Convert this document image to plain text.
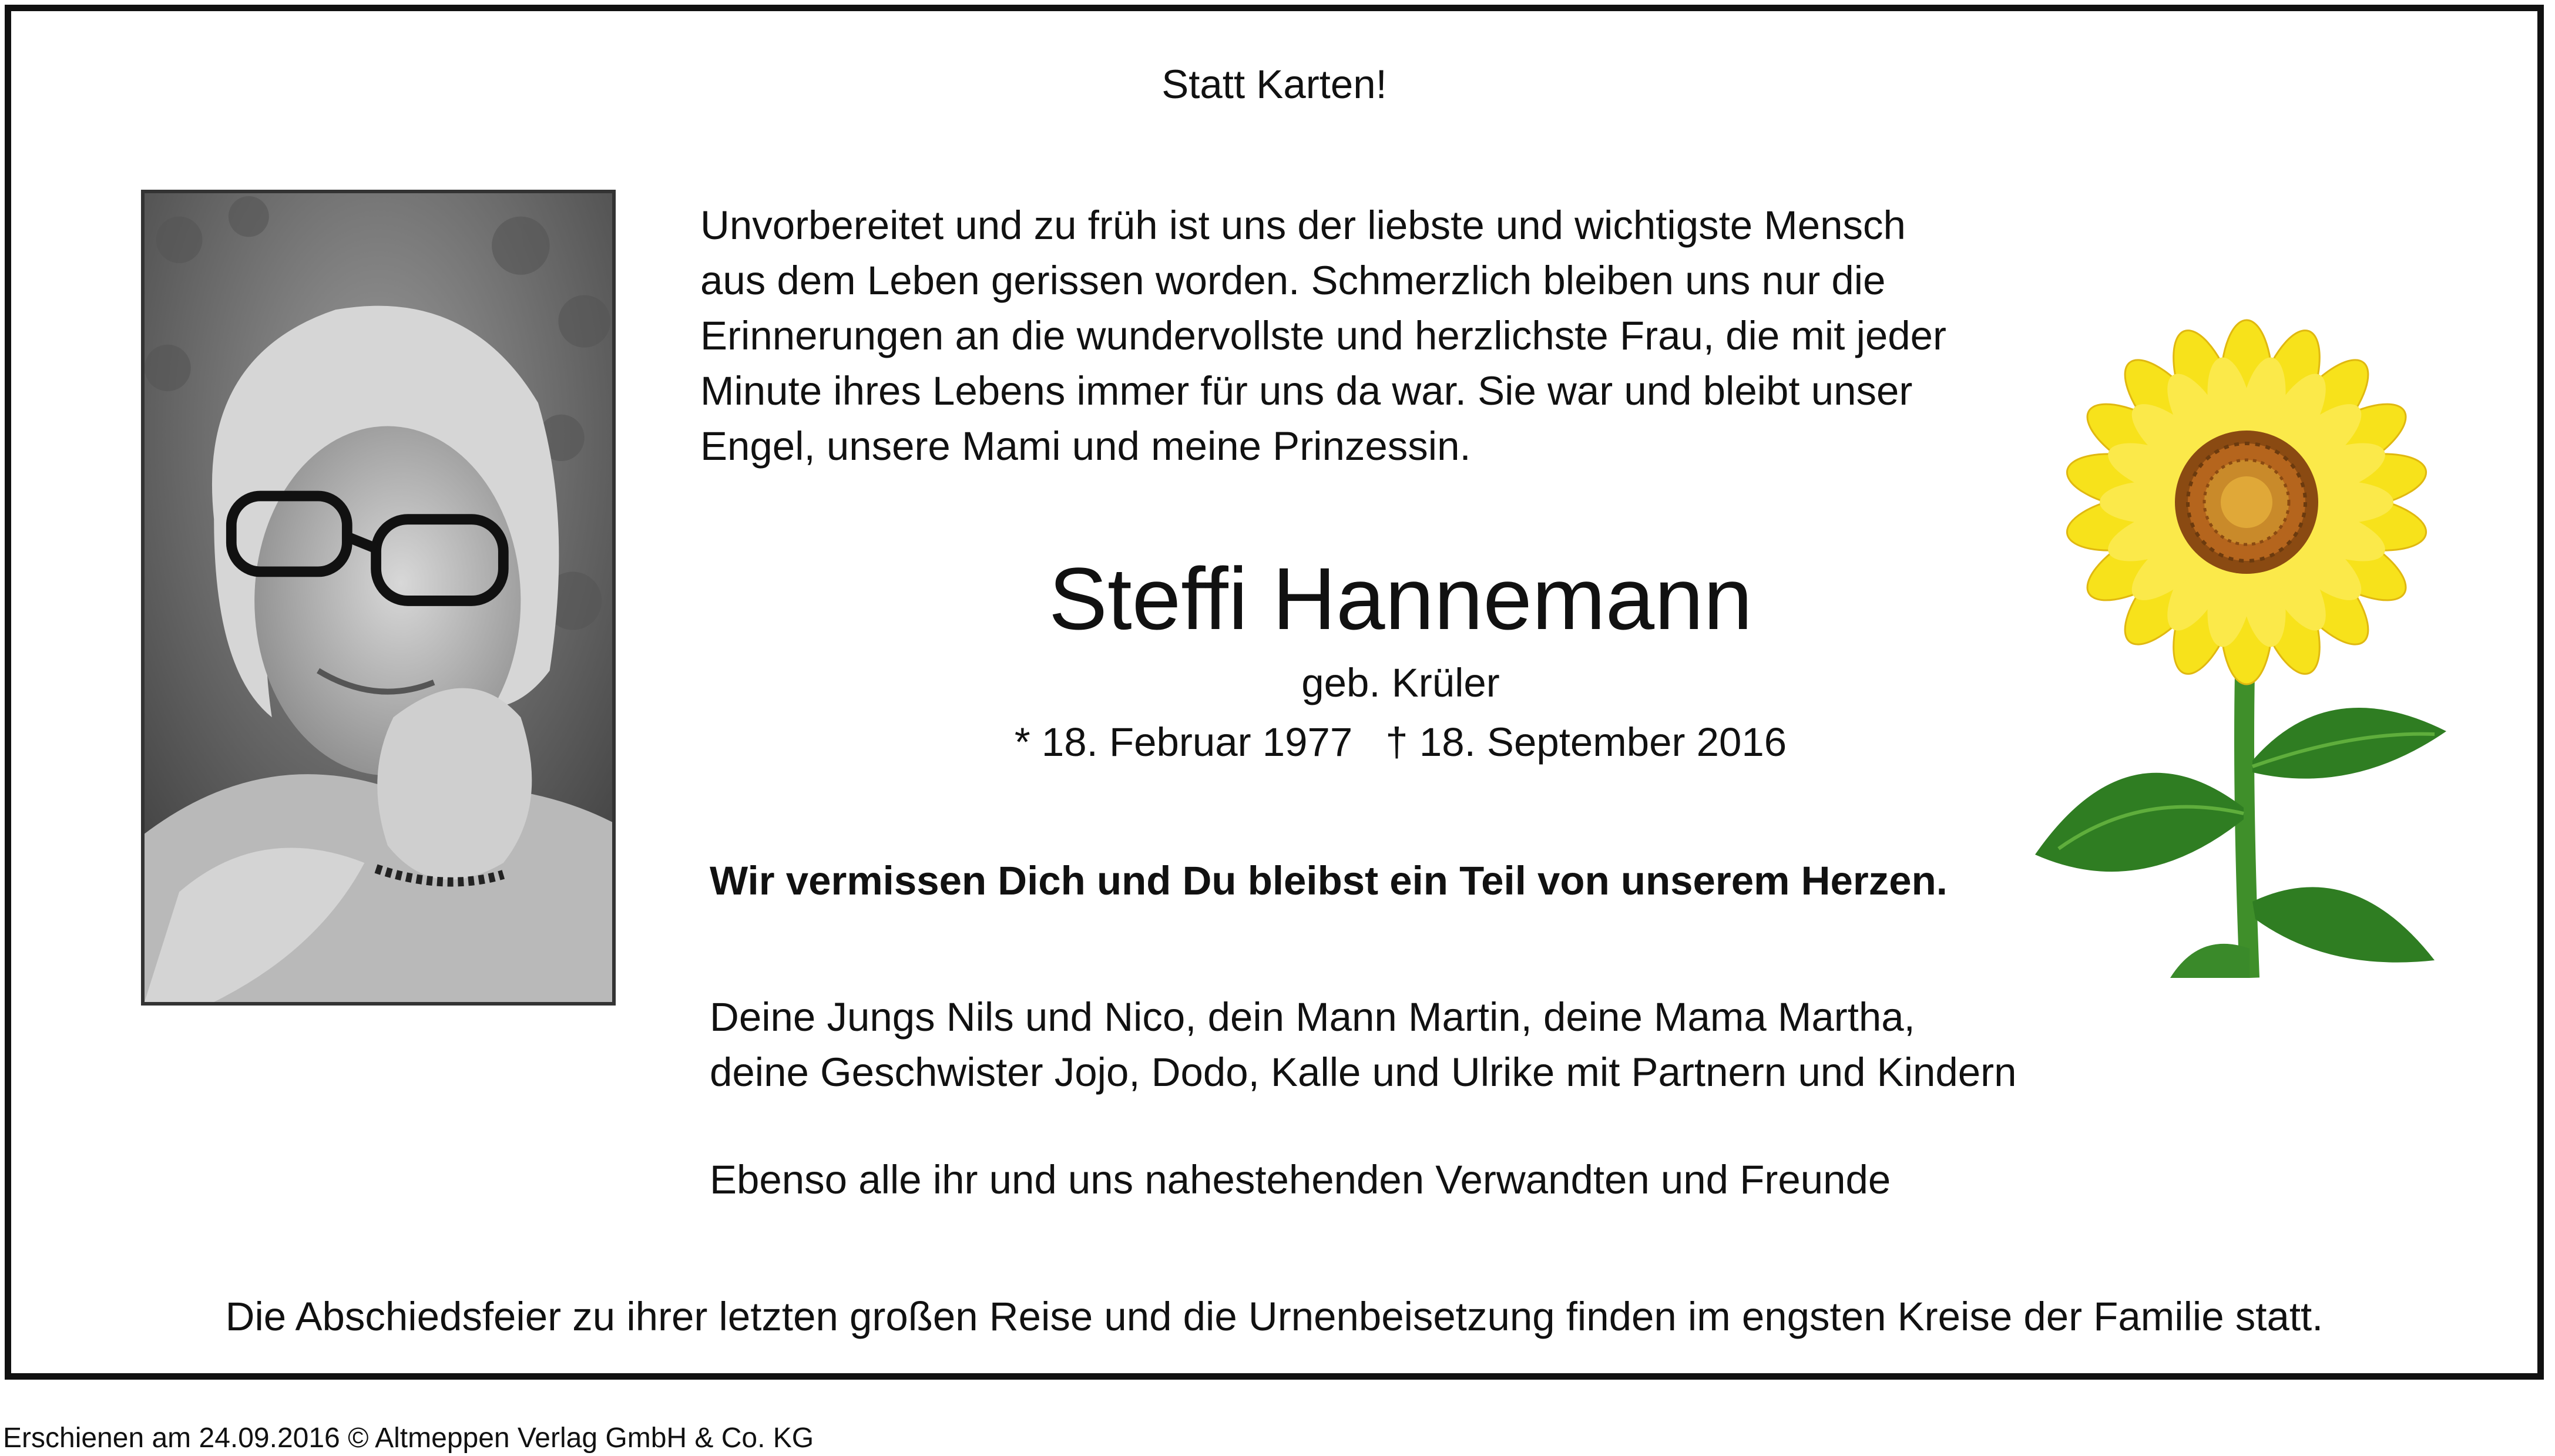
Statt Karten!
Unvorbereitet und zu früh ist uns der liebste und wichtigste Mensch
aus dem Leben gerissen worden. Schmerzlich bleiben uns nur die
Erinnerungen an die wundervollste und herzlichste Frau, die mit jeder
Minute ihres Lebens immer für uns da war. Sie war und bleibt unser
Engel, unsere Mami und meine Prinzessin.
Steffi Hannemann
geb. Krüler
* 18. Februar 1977 † 18. September 2016
Wir vermissen Dich und Du bleibst ein Teil von unserem Herzen.
Deine Jungs Nils und Nico, dein Mann Martin, deine Mama Martha,
deine Geschwister Jojo, Dodo, Kalle und Ulrike mit Partnern und Kindern
Ebenso alle ihr und uns nahestehenden Verwandten und Freunde
Die Abschiedsfeier zu ihrer letzten großen Reise und die Urnenbeisetzung finden im engsten Kreise der Familie statt.
Erschienen am 24.09.2016 © Altmeppen Verlag GmbH & Co. KG
